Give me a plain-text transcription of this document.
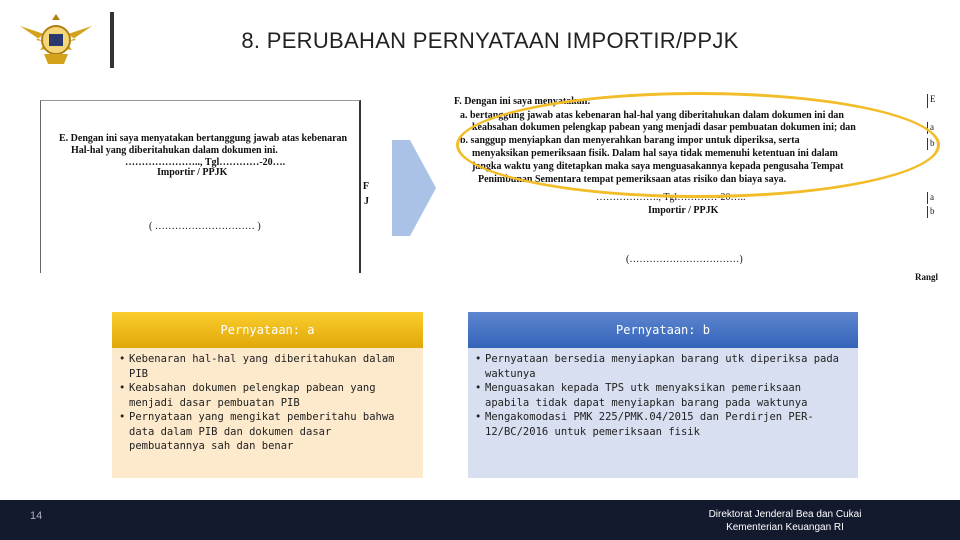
8. PERUBAHAN PERNYATAAN IMPORTIR/PPJK
E. Dengan ini saya menyatakan bertanggung jawab atas kebenaran
Hal-hal yang diberitahukan dalam dokumen ini.
………………….., Tgl…………-20….
Importir / PPJK
( ………………………… )
F
J
F. Dengan ini saya menyatakan:
a. bertanggung jawab atas kebenaran hal-hal yang diberitahukan dalam dokumen ini dan
keabsahan dokumen pelengkap pabean yang menjadi dasar pembuatan dokumen ini; dan
b. sanggup menyiapkan dan menyerahkan barang impor untuk diperiksa, serta
menyaksikan pemeriksaan fisik. Dalam hal saya tidak memenuhi ketentuan ini dalam
jangka waktu yang ditetapkan maka saya menguasakannya kepada pengusaha Tempat
Penimbunan Sementara tempat pemeriksaan atas risiko dan biaya saya.
………………., Tgl…………-20…..
Importir / PPJK
(……………………………)
E
a
b
a
b
Rangl
Pernyataan: a
• Kebenaran hal-hal yang diberitahukan dalam PIB
• Keabsahan dokumen pelengkap pabean yang menjadi dasar pembuatan PIB
• Pernyataan yang mengikat pemberitahu bahwa data dalam PIB dan dokumen dasar pembuatannya sah dan benar
Pernyataan: b
• Pernyataan bersedia menyiapkan barang utk diperiksa pada waktunya
• Menguasakan kepada TPS utk menyaksikan pemeriksaan apabila tidak dapat menyiapkan barang pada waktunya
• Mengakomodasi PMK 225/PMK.04/2015 dan Perdirjen PER-12/BC/2016 untuk pemeriksaan fisik
14	Direktorat Jenderal Bea dan Cukai
Kementerian Keuangan RI
